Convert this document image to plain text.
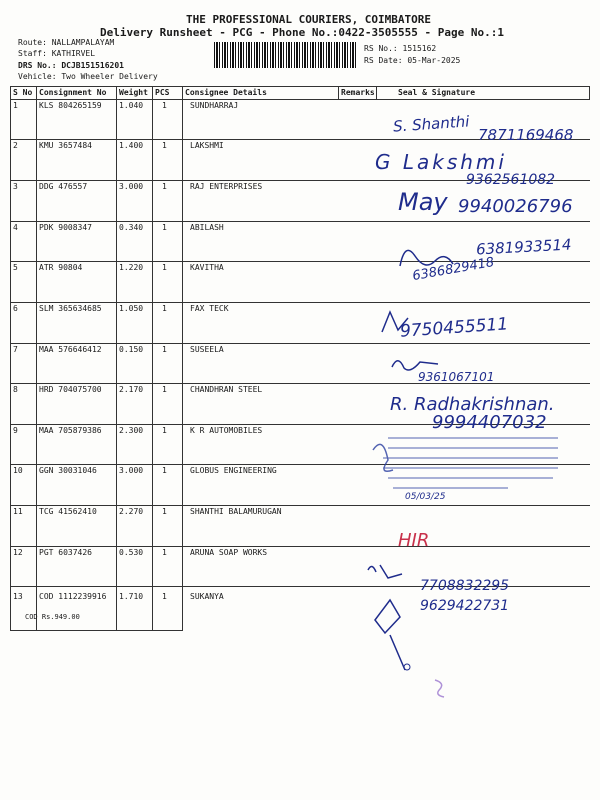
THE PROFESSIONAL COURIERS, COIMBATORE
Delivery Runsheet - PCG - Phone No.:0422-3505555 - Page No.:1
Route: NALLAMPALAYAM
Staff: KATHIRVEL
DRS No.: DCJB151516201
Vehicle: Two Wheeler Delivery
RS No.: 1515162
RS Date: 05-Mar-2025
S No Consignment No Weight PCS Consignee Details	Remarks	Seal & Signature
1	KLS 804265159 1.040 1	SUNDHARRAJ
2	KMU 3657484	1.400 1	LAKSHMI
3	DDG 476557	3.000 1	RAJ ENTERPRISES
4	PDK 9008347	0.340 1	ABILASH
5	ATR 90804	1.220 1	KAVITHA
6	SLM 365634685 1.050 1	FAX TECK
7	MAA 576646412 0.150 1	SUSEELA
8	HRD 704075700 2.170 1	CHANDHRAN STEEL
9	MAA 705879386 2.300 1	K R AUTOMOBILES
10 GGN 30031046	3.000 1	GLOBUS ENGINEERING
11 TCG 41562410	2.270 1	SHANTHI BALAMURUGAN
12 PGT 6037426	0.530 1	ARUNA SOAP WORKS
13 COD 1112239916 1.710 1	SUKANYA
COD Rs.949.00
S. Shanthi 7871169468
G Lakshmi
9362561082
May 9940026796
6381933514
6386829418
9750455511
9361067101
R. Radhakrishnan.
9994407032
05/03/25
HIR
7708832295
9629422731
